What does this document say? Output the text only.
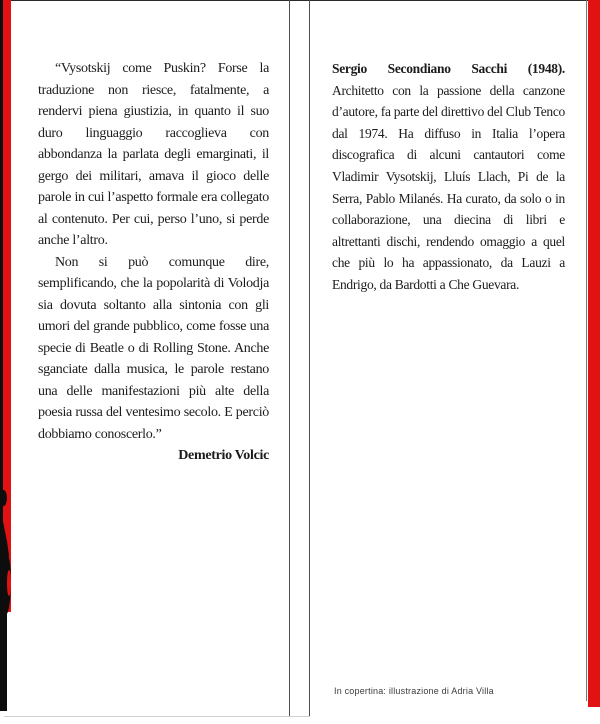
“Vysotskij come Puskin? Forse la traduzione non riesce, fatalmente, a rendervi piena giustizia, in quanto il suo duro linguaggio raccoglieva con abbondanza la parlata degli emarginati, il gergo dei militari, amava il gioco delle parole in cui l’aspetto formale era collegato al contenuto. Per cui, perso l’uno, si perde anche l’altro.

Non si può comunque dire, semplificando, che la popolarità di Volodja sia dovuta soltanto alla sintonia con gli umori del grande pubblico, come fosse una specie di Beatle o di Rolling Stone. Anche sganciate dalla musica, le parole restano una delle manifestazioni più alte della poesia russa del ventesimo secolo. E perciò dobbiamo conoscerlo.”

Demetrio Volcic

Sergio Secondiano Sacchi (1948). Architetto con la passione della canzone d’autore, fa parte del direttivo del Club Tenco dal 1974. Ha diffuso in Italia l’opera discografica di alcuni cantautori come Vladimir Vysotskij, Lluís Llach, Pi de la Serra, Pablo Milanés. Ha curato, da solo o in collaborazione, una diecina di libri e altrettanti dischi, rendendo omaggio a quel che più lo ha appassionato, da Lauzi a Endrigo, da Bardotti a Che Guevara.

In copertina: illustrazione di Adria Villa
